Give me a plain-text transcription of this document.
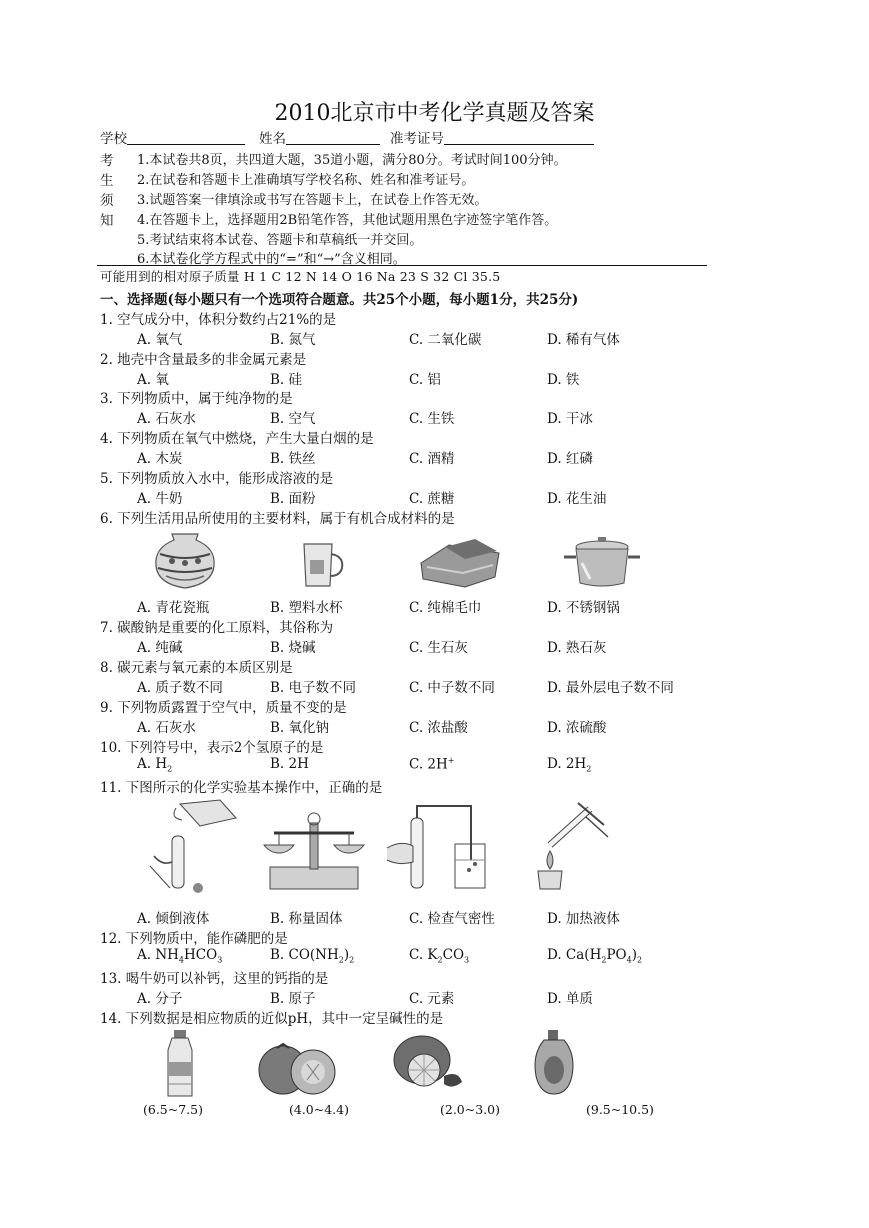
2010北京市中考化学真题及答案
学校	姓名	准考证号
考
生
须
知
1.本试卷共8页，共四道大题，35道小题，满分80分。考试时间100分钟。
2.在试卷和答题卡上准确填写学校名称、姓名和准考证号。
3.试题答案一律填涂或书写在答题卡上，在试卷上作答无效。
4.在答题卡上，选择题用2B铅笔作答，其他试题用黑色字迹签字笔作答。
5.考试结束将本试卷、答题卡和草稿纸一并交回。
6.本试卷化学方程式中的“=”和“→”含义相同。
可能用到的相对原子质量 H 1 C 12 N 14 O 16 Na 23 S 32 Cl 35.5
一、选择题(每小题只有一个选项符合题意。共25个小题，每小题1分，共25分)
1. 空气成分中，体积分数约占21%的是
A. 氧气	B. 氮气	C. 二氧化碳	D. 稀有气体
2. 地壳中含量最多的非金属元素是
A. 氧	B. 硅	C. 铝	D. 铁
3. 下列物质中，属于纯净物的是
A. 石灰水	B. 空气	C. 生铁	D. 干冰
4. 下列物质在氧气中燃烧，产生大量白烟的是
A. 木炭	B. 铁丝	C. 酒精	D. 红磷
5. 下列物质放入水中，能形成溶液的是
A. 牛奶	B. 面粉	C. 蔗糖	D. 花生油
6. 下列生活用品所使用的主要材料，属于有机合成材料的是
A. 青花瓷瓶	B. 塑料水杯	C. 纯棉毛巾	D. 不锈钢锅
7. 碳酸钠是重要的化工原料，其俗称为
A. 纯碱	B. 烧碱	C. 生石灰	D. 熟石灰
8. 碳元素与氧元素的本质区别是
A. 质子数不同	B. 电子数不同	C. 中子数不同	D. 最外层电子数不同
9. 下列物质露置于空气中，质量不变的是
A. 石灰水	B. 氧化钠	C. 浓盐酸	D. 浓硫酸
10. 下列符号中，表示2个氢原子的是
A. $H_2$	B. 2H	C. 2H+	D. $2H_2$
11. 下图所示的化学实验基本操作中，正确的是
A. 倾倒液体	B. 称量固体	C. 检查气密性	D. 加热液体
12. 下列物质中，能作磷肥的是
A. $NH_4HCO_3$	B. $CO(NH_2)_2$	C. $K_2CO_3$	D. $Ca(H_2PO_4)_2$
13. 喝牛奶可以补钙，这里的钙指的是
A. 分子	B. 原子	C. 元素	D. 单质
14. 下列数据是相应物质的近似pH，其中一定呈碱性的是
(6.5~7.5)	(4.0~4.4)	(2.0~3.0)	(9.5~10.5)
